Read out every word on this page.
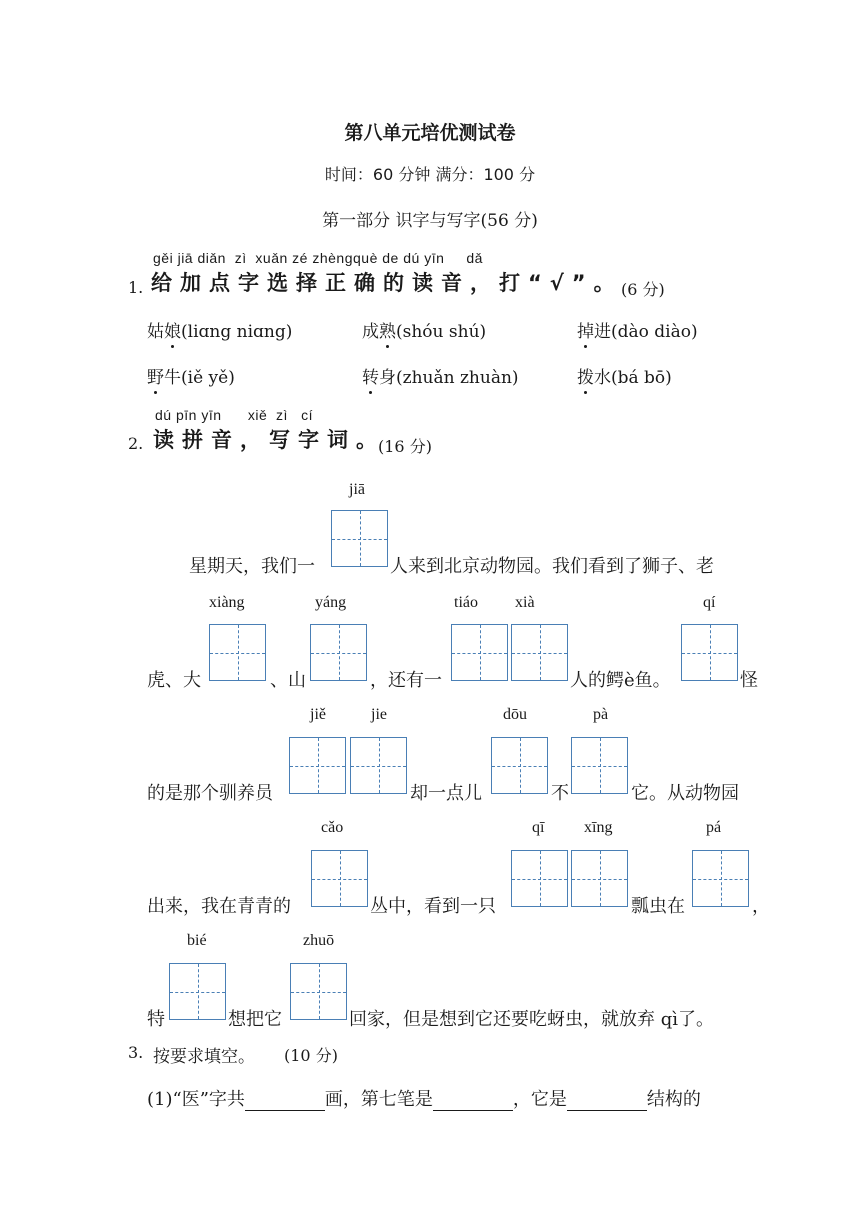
第八单元培优测试卷
时间：60 分钟 满分：100 分
第一部分 识字与写字(56 分)
gěi jiā diǎn zì xuǎn zé zhèngquè de dú yīn dǎ
1. 给加点字选择正确的读音，打“√”。
(6 分)
姑娘(liɑng niɑng)	成熟(shóu shú)	掉进(dào diào)
野牛(iě yě)	转身(zhuǎn zhuàn)	拨水(bá bō)
dú pīn yīn xiě zì cí
2. 读拼音，写字词。
(16 分)
jiā
星期天，我们一	人来到北京动物园。我们看到了狮子、老
xiàng	yáng	tiáo xià	qí
虎、大	、山	，还有一	人的鳄è鱼。	怪
jiě	jie	dōu	pà
的是那个驯养员	却一点儿	不	它。从动物园
cǎo	qī xīng	pá
出来，我在青青的	丛中，看到一只	瓢虫在	，
bié	zhuō
特	想把它	回家，但是想到它还要吃蚜虫，就放弃 qì了。
3. 按要求填空。 (10 分)
(1)“医”字共	画，第七笔是	，它是	结构的
